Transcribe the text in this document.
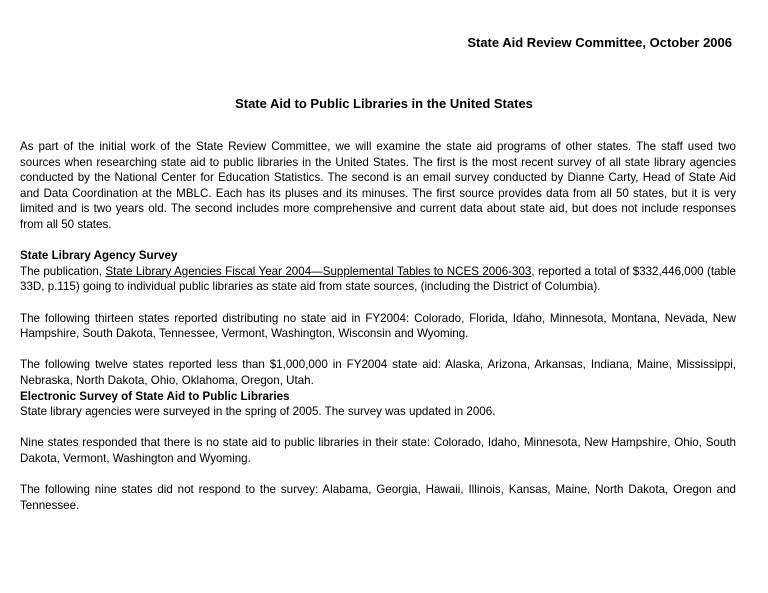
State Aid Review Committee, October 2006
State Aid to Public Libraries in the United States

As part of the initial work of the State Review Committee, we will examine the state aid programs of other states. The staff used two sources when researching state aid to public libraries in the United States. The first is the most recent survey of all state library agencies conducted by the National Center for Education Statistics. The second is an email survey conducted by Dianne Carty, Head of State Aid and Data Coordination at the MBLC. Each has its pluses and its minuses. The first source provides data from all 50 states, but it is very limited and is two years old. The second includes more comprehensive and current data about state aid, but does not include responses from all 50 states.

State Library Agency Survey
The publication, State Library Agencies Fiscal Year 2004—Supplemental Tables to NCES 2006-303, reported a total of $332,446,000 (table 33D, p.115) going to individual public libraries as state aid from state sources, (including the District of Columbia).

The following thirteen states reported distributing no state aid in FY2004: Colorado, Florida, Idaho, Minnesota, Montana, Nevada, New Hampshire, South Dakota, Tennessee, Vermont, Washington, Wisconsin and Wyoming.

The following twelve states reported less than $1,000,000 in FY2004 state aid: Alaska, Arizona, Arkansas, Indiana, Maine, Mississippi, Nebraska, North Dakota, Ohio, Oklahoma, Oregon, Utah.

Electronic Survey of State Aid to Public Libraries
State library agencies were surveyed in the spring of 2005. The survey was updated in 2006.

Nine states responded that there is no state aid to public libraries in their state: Colorado, Idaho, Minnesota, New Hampshire, Ohio, South Dakota, Vermont, Washington and Wyoming.

The following nine states did not respond to the survey: Alabama, Georgia, Hawaii, Illinois, Kansas, Maine, North Dakota, Oregon and Tennessee.
